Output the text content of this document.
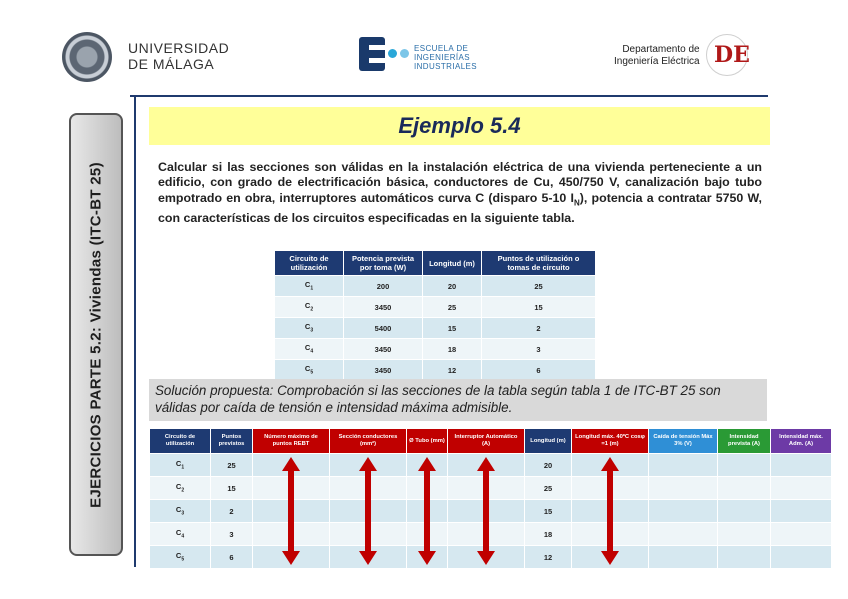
UNIVERSIDAD
DE MÁLAGA
ESCUELA DE
INGENIERÍAS
INDUSTRIALES
Departamento de
Ingeniería Eléctrica DE
EJERCICIOS PARTE 5.2: Viviendas (ITC-BT 25)
Ejemplo 5.4
Calcular si las secciones son válidas en la instalación eléctrica de una vivienda perteneciente a un edificio, con grado de electrificación básica, conductores de Cu, 450/750 V, canalización bajo tubo empotrado en obra, interruptores automáticos curva C (disparo 5-10 $I_N$), potencia a contratar 5750 W, con características de los circuitos especificadas en la siguiente tabla.
Circuito de utilización	Potencia prevista por toma (W)	Longitud (m)	Puntos de utilización o tomas de circuito
$C_1$	200	20	25
$C_2$	3450	25	15
$C_3$	5400	15	2
$C_4$	3450	18	3
$C_5$	3450	12	6
Solución propuesta: Comprobación si las secciones de la tabla según tabla 1 de ITC-BT 25 son válidas por caída de tensión e intensidad máxima admisible.
Circuito de utilización	Puntos previstos	Número máximo de puntos REBT	Sección conductores (mm²)	Ø Tubo (mm)	Interruptor Automático (A)	Longitud (m)	Longitud máx. 40ºC cosφ =1 (m)	Caída de tensión Máx 3% (V)	Intensidad prevista (A)	Intensidad máx. Adm. (A)
$C_1$	25					20				
$C_2$	15					25				
$C_3$	2					15				
$C_4$	3					18				
$C_5$	6					12				
